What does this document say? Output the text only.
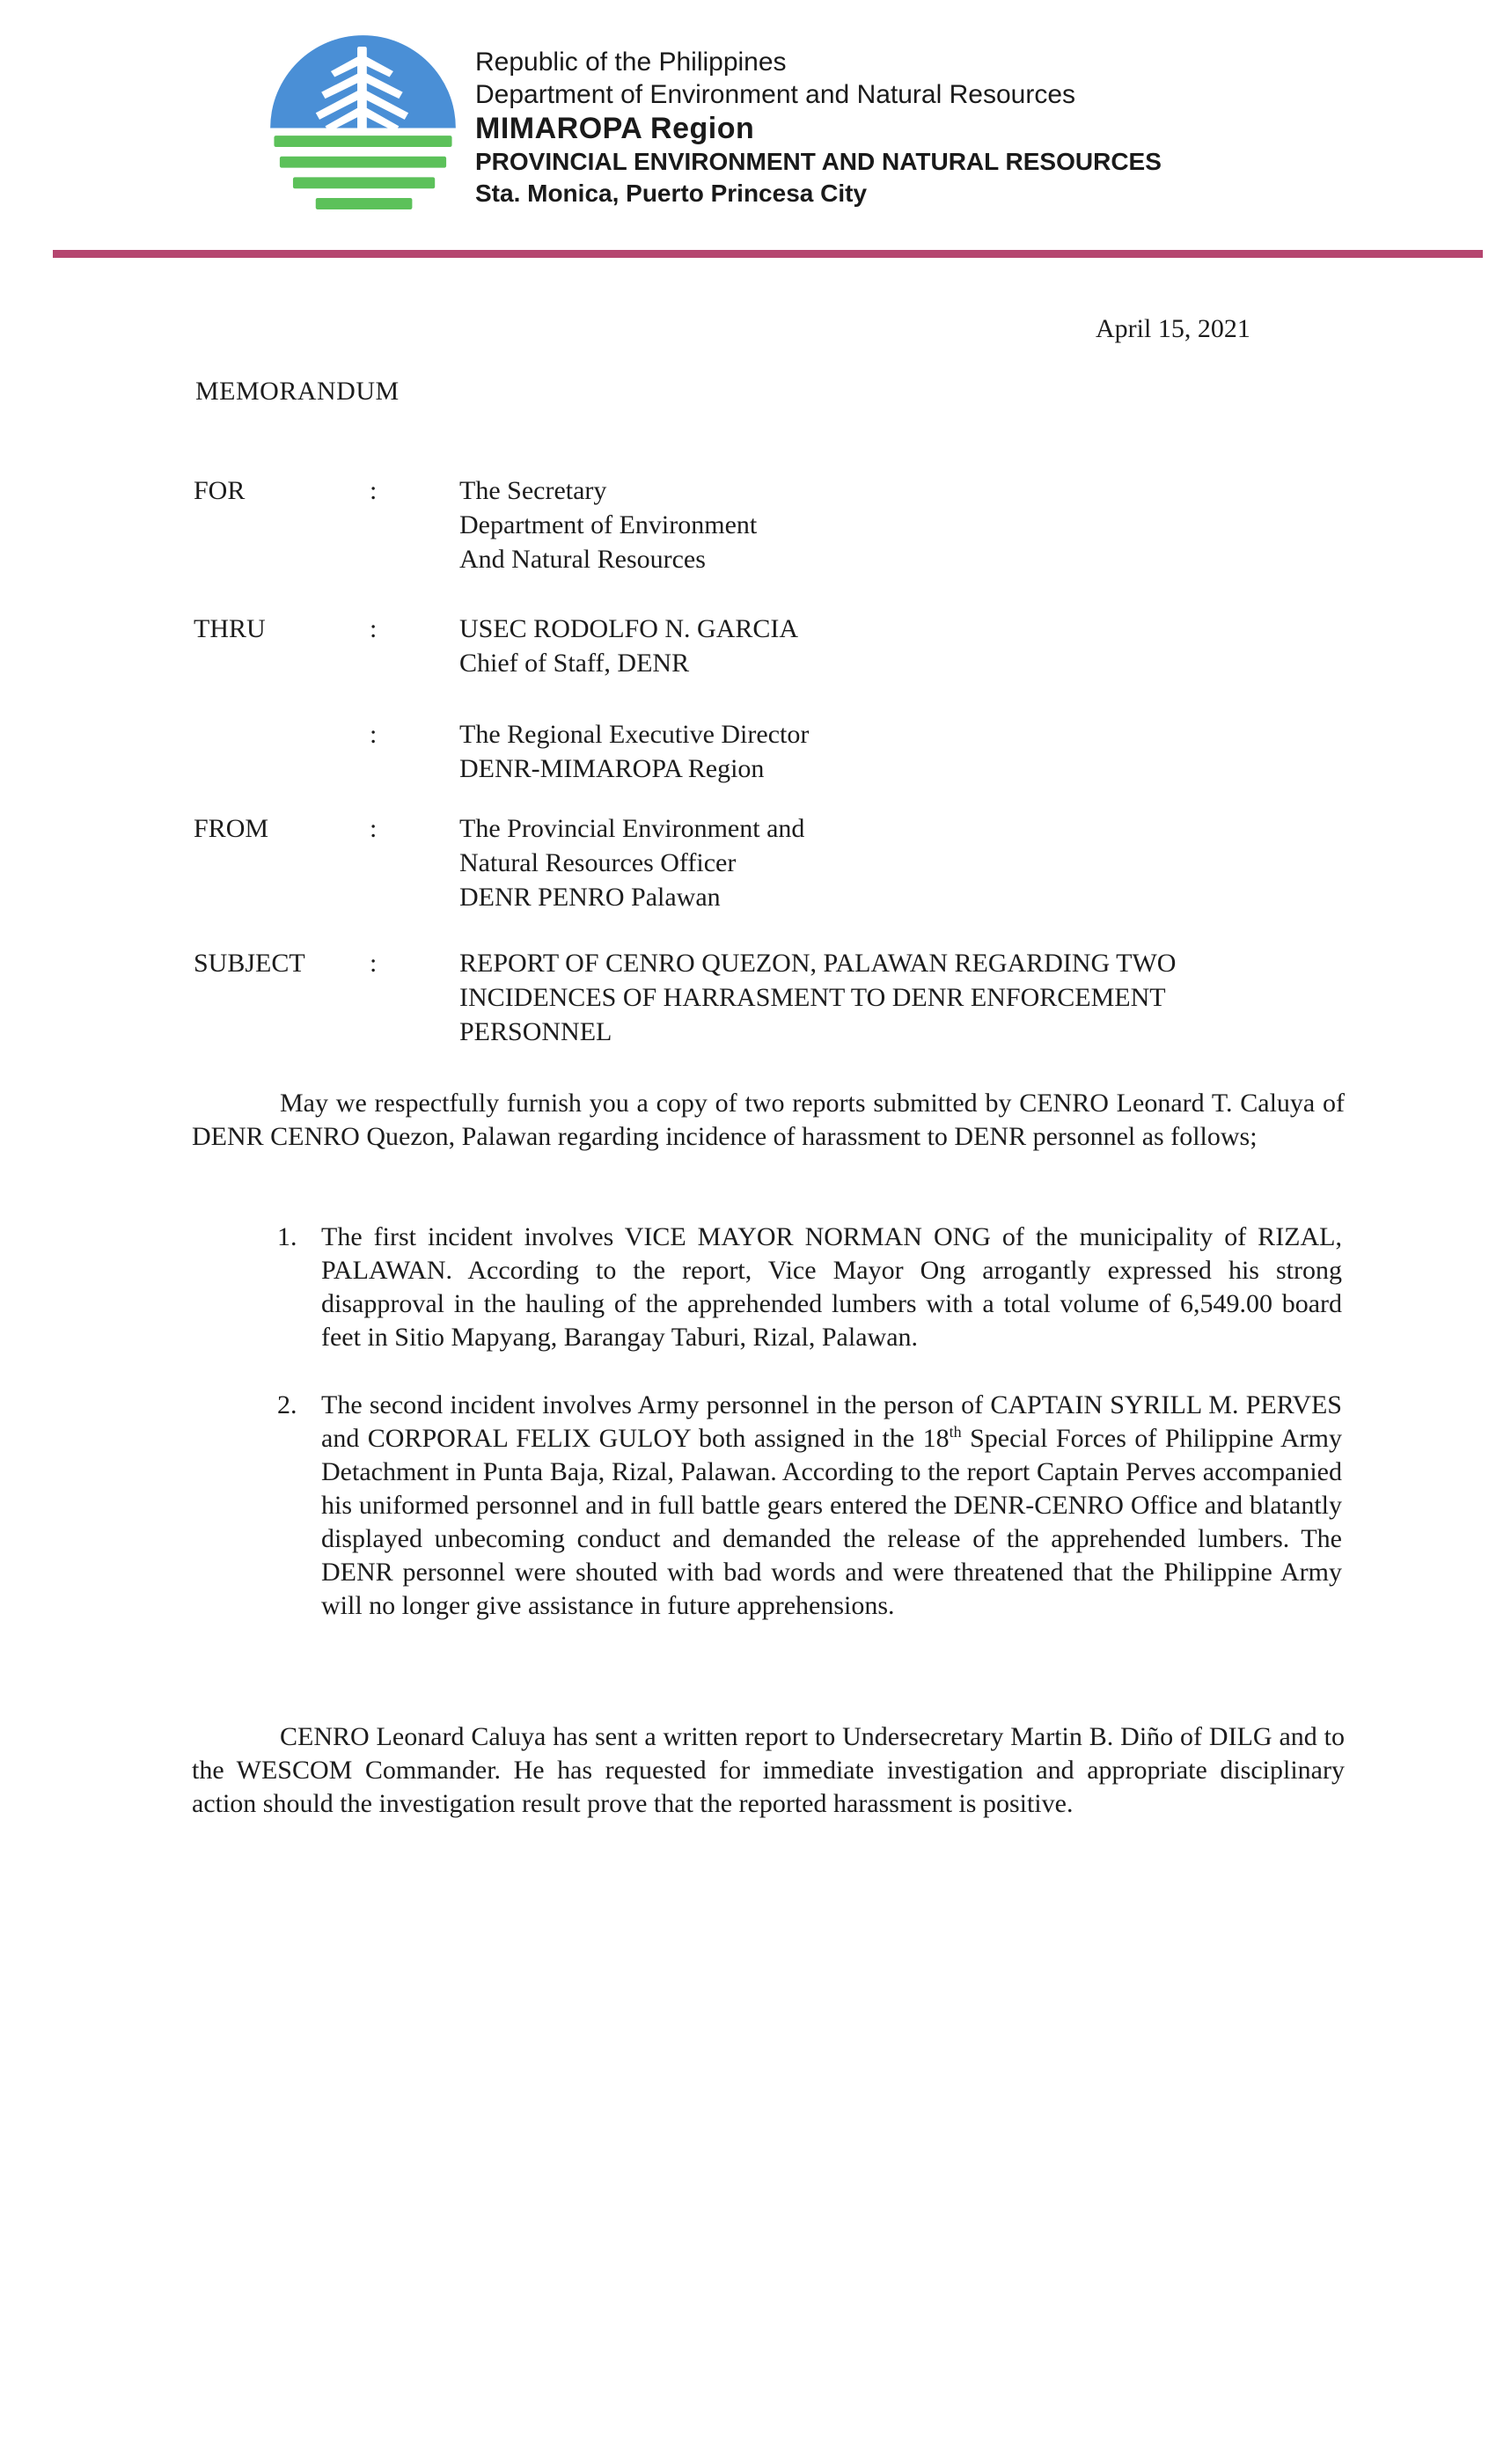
Republic of the Philippines
Department of Environment and Natural Resources
MIMAROPA Region
PROVINCIAL ENVIRONMENT AND NATURAL RESOURCES
Sta. Monica, Puerto Princesa City
April 15, 2021
MEMORANDUM
FOR	:	The Secretary
Department of Environment
And Natural Resources
THRU	:	USEC RODOLFO N. GARCIA
Chief of Staff, DENR
:	The Regional Executive Director
DENR-MIMAROPA Region
FROM	:	The Provincial Environment and
Natural Resources Officer
DENR PENRO Palawan
SUBJECT :	REPORT OF CENRO QUEZON, PALAWAN REGARDING TWO INCIDENCES OF HARRASMENT TO DENR ENFORCEMENT PERSONNEL
May we respectfully furnish you a copy of two reports submitted by CENRO Leonard T. Caluya of DENR CENRO Quezon, Palawan regarding incidence of harassment to DENR personnel as follows;
1. The first incident involves VICE MAYOR NORMAN ONG of the municipality of RIZAL, PALAWAN. According to the report, Vice Mayor Ong arrogantly expressed his strong disapproval in the hauling of the apprehended lumbers with a total volume of 6,549.00 board feet in Sitio Mapyang, Barangay Taburi, Rizal, Palawan.
2. The second incident involves Army personnel in the person of CAPTAIN SYRILL M. PERVES and CORPORAL FELIX GULOY both assigned in the 18th Special Forces of Philippine Army Detachment in Punta Baja, Rizal, Palawan. According to the report Captain Perves accompanied his uniformed personnel and in full battle gears entered the DENR-CENRO Office and blatantly displayed unbecoming conduct and demanded the release of the apprehended lumbers. The DENR personnel were shouted with bad words and were threatened that the Philippine Army will no longer give assistance in future apprehensions.
CENRO Leonard Caluya has sent a written report to Undersecretary Martin B. Diño of DILG and to the WESCOM Commander. He has requested for immediate investigation and appropriate disciplinary action should the investigation result prove that the reported harassment is positive.
